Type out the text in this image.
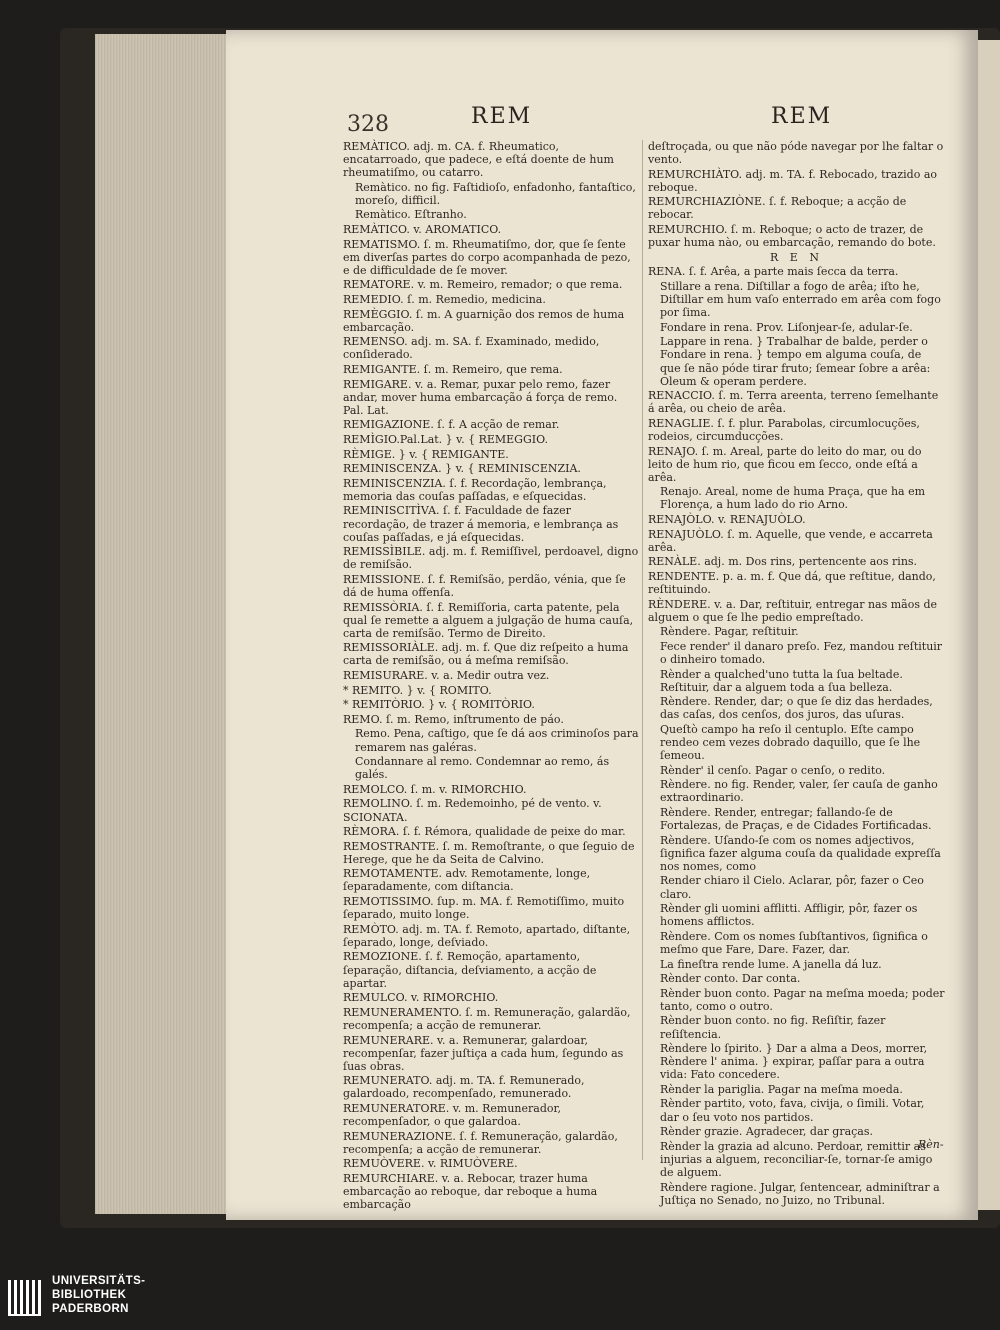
328	REM	REM

REMÀTICO. adj. m. CA. f. Rheumatico, encatarroado, que padece, e eſtá doente de hum rheumatiſmo, ou catarro.

Remàtico. no fig. Faſtidioſo, enfadonho, fantaſtico, moreſo, difficil.

Remàtico. Eſtranho.

REMÀTICO. v. AROMATICO.

REMATISMO. ſ. m. Rheumatiſmo, dor, que ſe ſente em diverſas partes do corpo acompanhada de pezo, e de difficuldade de ſe mover.

REMATORE. v. m. Remeiro, remador; o que rema.

REMEDIO. ſ. m. Remedio, medicina.

REMÈGGIO. ſ. m. A guarnição dos remos de huma embarcação.

REMENSO. adj. m. SA. f. Examinado, medido, conſiderado.

REMIGANTE. ſ. m. Remeiro, que rema.

REMIGARE. v. a. Remar, puxar pelo remo, fazer andar, mover huma embarcação á força de remo. Pal. Lat.

REMIGAZIONE. ſ. f. A acção de remar.

REMÌGIO.Pal.Lat. } v. { REMEGGIO.

RÈMIGE. } v. { REMIGANTE.

REMINISCENZA. } v. { REMINISCENZIA.

REMINISCENZIA. ſ. f. Recordação, lembrança, memoria das couſas paſſadas, e eſquecidas.

REMINISCITÌVA. ſ. f. Faculdade de fazer recordação, de trazer á memoria, e lembrança as couſas paſſadas, e já eſquecidas.

REMISSÌBILE. adj. m. f. Remiſſivel, perdoavel, digno de remiſsão.

REMISSIONE. ſ. f. Remiſsão, perdão, vénia, que ſe dá de huma offenſa.

REMISSÒRIA. ſ. f. Remiſſoria, carta patente, pela qual ſe remette a alguem a julgação de huma cauſa, carta de remiſsão. Termo de Direito.

REMISSORIÀLE. adj. m. f. Que diz reſpeito a huma carta de remiſsão, ou á meſma remiſsão.

REMISURARE. v. a. Medir outra vez.

* REMITO. } v. { ROMITO.

* REMITÒRIO. } v. { ROMITÒRIO.

REMO. ſ. m. Remo, inſtrumento de páo.

Remo. Pena, caſtigo, que ſe dá aos criminoſos para remarem nas galéras.

Condannare al remo. Condemnar ao remo, ás galés.

REMOLCO. ſ. m. v. RIMORCHIO.

REMOLINO. ſ. m. Redemoinho, pé de vento. v. SCIONATA.

RÈMORA. ſ. f. Rémora, qualidade de peixe do mar.

REMOSTRANTE. ſ. m. Remoſtrante, o que ſeguio de Herege, que he da Seita de Calvino.

REMOTAMENTE. adv. Remotamente, longe, ſeparadamente, com diſtancia.

REMOTISSIMO. ſup. m. MA. f. Remotiſſimo, muito ſeparado, muito longe.

REMÒTO. adj. m. TA. f. Remoto, apartado, diſtante, ſeparado, longe, deſviado.

REMOZIONE. ſ. f. Remoção, apartamento, ſeparação, diſtancia, deſviamento, a acção de apartar.

REMULCO. v. RIMORCHIO.

REMUNERAMENTO. ſ. m. Remuneração, galardão, recompenſa; a acção de remunerar.

REMUNERARE. v. a. Remunerar, galardoar, recompenſar, fazer juſtiça a cada hum, ſegundo as ſuas obras.

REMUNERATO. adj. m. TA. f. Remunerado, galardoado, recompenſado, remunerado.

REMUNERATORE. v. m. Remunerador, recompenſador, o que galardoa.

REMUNERAZIONE. ſ. f. Remuneração, galardão, recompenſa; a acção de remunerar.

REMUÒVERE. v. RIMUÒVERE.

REMURCHIARE. v. a. Rebocar, trazer huma embarcação ao reboque, dar reboque a huma embarcação

deſtroçada, ou que não póde navegar por lhe faltar o vento.

REMURCHIÀTO. adj. m. TA. f. Rebocado, trazido ao reboque.

REMURCHIAZIÒNE. ſ. f. Reboque; a acção de rebocar.

REMURCHIO. ſ. m. Reboque; o acto de trazer, de puxar huma nào, ou embarcação, remando do bote.

R E N

RENA. ſ. f. Arêa, a parte mais ſecca da terra.

Stillare a rena. Diſtillar a fogo de arêa; iſto he, Diſtillar em hum vaſo enterrado em arêa com fogo por ſima.

Fondare in rena. Prov. Liſonjear-ſe, adular-ſe.

Lappare in rena. } Trabalhar de balde, perder o Fondare in rena. } tempo em alguma couſa, de que ſe não póde tirar fruto; ſemear ſobre a arêa: Oleum & operam perdere.

RENACCIO. ſ. m. Terra areenta, terreno ſemelhante á arêa, ou cheio de arêa.

RENAGLIE. ſ. f. plur. Parabolas, circumlocuções, rodeios, circumducções.

RENAJO. ſ. m. Areal, parte do leito do mar, ou do leito de hum rio, que ficou em ſecco, onde eſtá a arêa.

Renajo. Areal, nome de huma Praça, que ha em Florença, a hum lado do rio Arno.

RENAJÒLO. v. RENAJUÒLO.

RENAJUÒLO. ſ. m. Aquelle, que vende, e accarreta arêa.

RENÀLE. adj. m. Dos rins, pertencente aos rins.

RENDENTE. p. a. m. f. Que dá, que reſtitue, dando, reſtituindo.

RÈNDERE. v. a. Dar, reſtituir, entregar nas mãos de alguem o que ſe lhe pedio empreſtado.

Rèndere. Pagar, reſtituir.

Fece render' il danaro preſo. Fez, mandou reſtituir o dinheiro tomado.

Rènder a qualched'uno tutta la ſua beltade. Reſtituir, dar a alguem toda a ſua belleza.

Rèndere. Render, dar; o que ſe diz das herdades, das caſas, dos cenſos, dos juros, das uſuras.

Queſtò campo ha reſo il centuplo. Eſte campo rendeo cem vezes dobrado daquillo, que ſe lhe ſemeou.

Rènder' il cenſo. Pagar o cenſo, o redito.

Rèndere. no fig. Render, valer, ſer cauſa de ganho extraordinario.

Rèndere. Render, entregar; fallando-ſe de Fortalezas, de Praças, e de Cidades Fortificadas.

Rèndere. Uſando-ſe com os nomes adjectivos, ſignifica fazer alguma couſa da qualidade expreſſa nos nomes, como

Render chiaro il Cielo. Aclarar, pôr, fazer o Ceo claro.

Rènder gli uomini afflitti. Affligir, pôr, fazer os homens afflictos.

Rèndere. Com os nomes ſubſtantivos, ſignifica o meſmo que Fare, Dare. Fazer, dar.

La fineſtra rende lume. A janella dá luz.

Rènder conto. Dar conta.

Rènder buon conto. Pagar na meſma moeda; poder tanto, como o outro.

Rènder buon conto. no fig. Reſiſtir, fazer reſiſtencia.

Rèndere lo ſpirito. } Dar a alma a Deos, morrer, Rèndere l' anima. } expirar, paſſar para a outra vida: Fato concedere.

Rènder la pariglia. Pagar na meſma moeda.

Rènder partito, voto, fava, civija, o ſimili. Votar, dar o ſeu voto nos partidos.

Rènder grazie. Agradecer, dar graças.

Rènder la grazia ad alcuno. Perdoar, remittir as injurias a alguem, reconciliar-ſe, tornar-ſe amigo de alguem.

Rèndere ragione. Julgar, ſentencear, adminiſtrar a Juſtiça no Senado, no Juizo, no Tribunal.

Rèn-
UNIVERSITÄTS-
BIBLIOTHEK
PADERBORN
